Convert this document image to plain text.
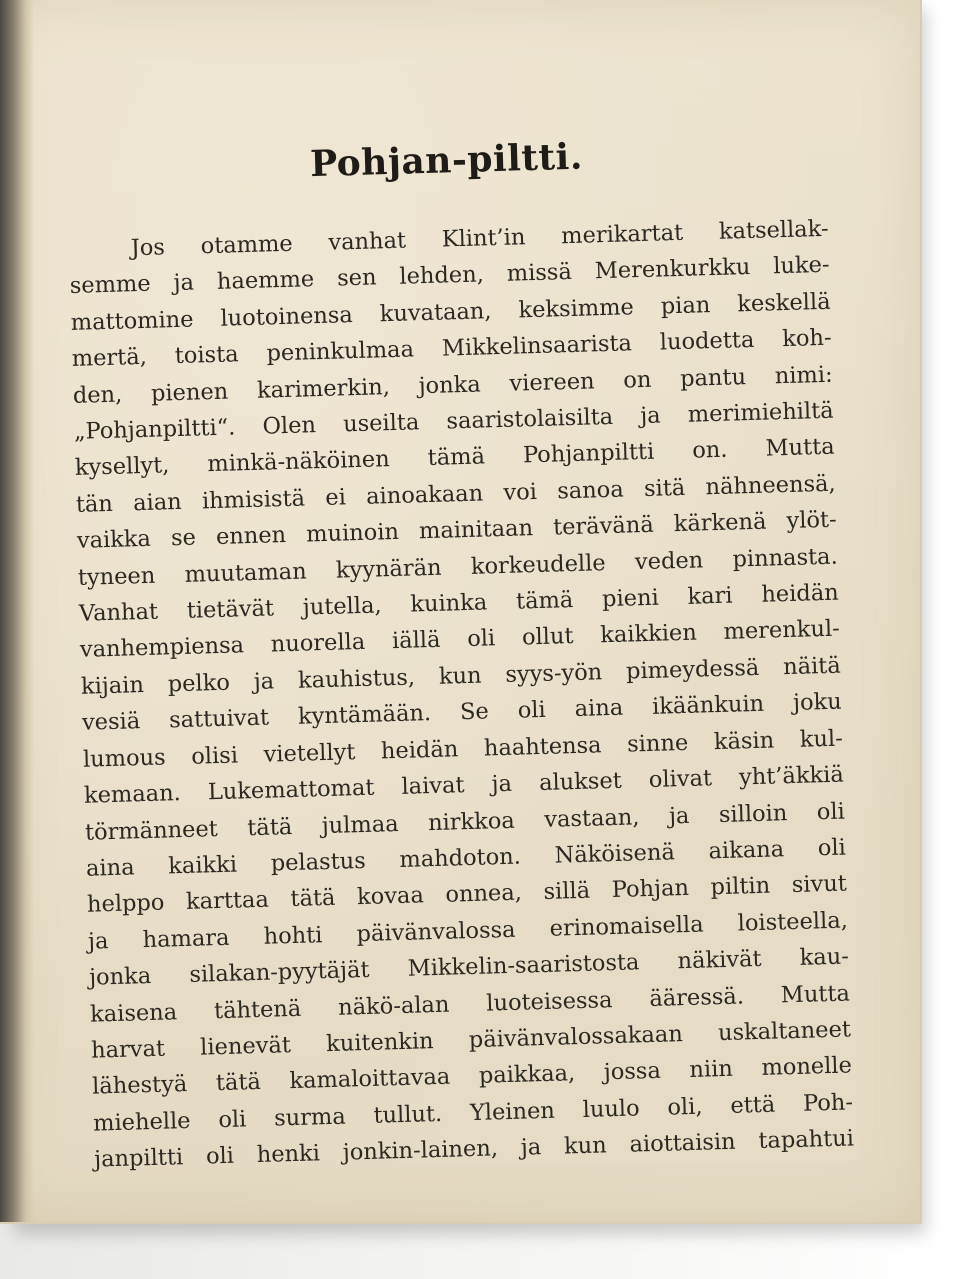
Pohjan-piltti.

Jos otamme vanhat Klint’in merikartat katsellak-
semme ja haemme sen lehden, missä Merenkurkku luke-
mattomine luotoinensa kuvataan, keksimme pian keskellä
mertä, toista peninkulmaa Mikkelinsaarista luodetta koh-
den, pienen karimerkin, jonka viereen on pantu nimi:
„Pohjanpiltti“. Olen useilta saaristolaisilta ja merimiehiltä
kysellyt, minkä-näköinen tämä Pohjanpiltti on. Mutta
tän aian ihmisistä ei ainoakaan voi sanoa sitä nähneensä,
vaikka se ennen muinoin mainitaan terävänä kärkenä ylöt-
tyneen muutaman kyynärän korkeudelle veden pinnasta.
Vanhat tietävät jutella, kuinka tämä pieni kari heidän
vanhempiensa nuorella iällä oli ollut kaikkien merenkul-
kijain pelko ja kauhistus, kun syys-yön pimeydessä näitä
vesiä sattuivat kyntämään. Se oli aina ikäänkuin joku
lumous olisi vietellyt heidän haahtensa sinne käsin kul-
kemaan. Lukemattomat laivat ja alukset olivat yht’äkkiä
törmänneet tätä julmaa nirkkoa vastaan, ja silloin oli
aina kaikki pelastus mahdoton. Näköisenä aikana oli
helppo karttaa tätä kovaa onnea, sillä Pohjan piltin sivut
ja hamara hohti päivänvalossa erinomaisella loisteella,
jonka silakan-pyytäjät Mikkelin-saaristosta näkivät kau-
kaisena tähtenä näkö-alan luoteisessa ääressä. Mutta
harvat lienevät kuitenkin päivänvalossakaan uskaltaneet
lähestyä tätä kamaloittavaa paikkaa, jossa niin monelle
miehelle oli surma tullut. Yleinen luulo oli, että Poh-
janpiltti oli henki jonkin-lainen, ja kun aiottaisin tapahtui
